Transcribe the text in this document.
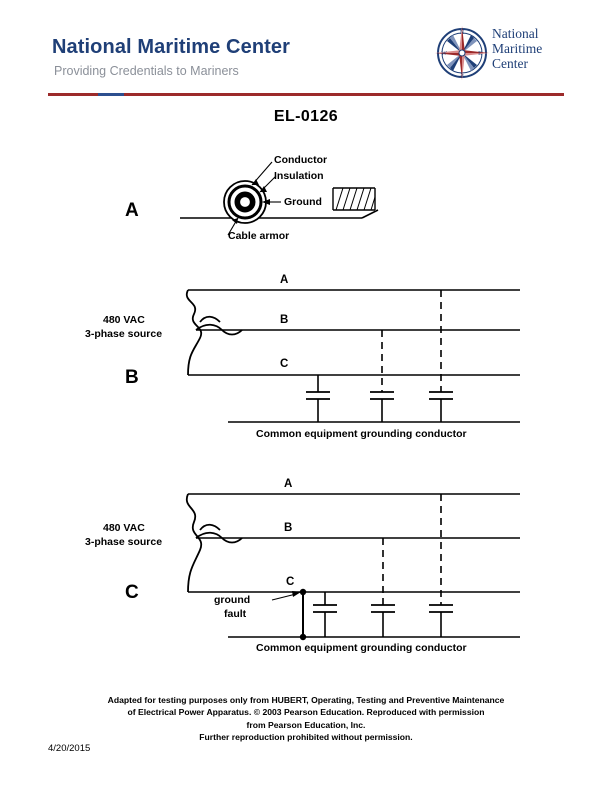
National Maritime Center
Providing Credentials to Mariners
N
S
E
W
National
Maritime
Center
EL-0126
A
Conductor
Insulation
Ground
Cable armor
B
A
B
C
480 VAC
3-phase source
Common equipment grounding conductor
C
A
B
C
480 VAC
3-phase source
ground
fault
Common equipment grounding conductor
Adapted for testing purposes only from HUBERT, Operating, Testing and Preventive Maintenance
of Electrical Power Apparatus. © 2003 Pearson Education. Reproduced with permission
from Pearson Education, Inc.
Further reproduction prohibited without permission.
4/20/2015
